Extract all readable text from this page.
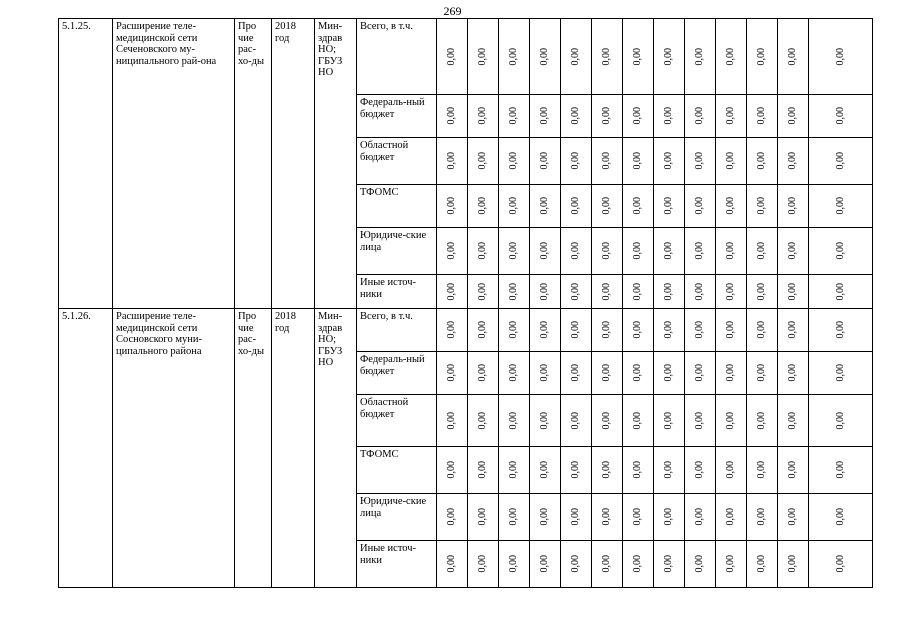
269
5.1.25.	Расширение теле-медицинской сети Сеченовского му-ниципального рай-она	Про чие рас-хо-ды	2018 год	Мин-здрав НО; ГБУЗ НО	Всего, в т.ч.	0,00	0,00	0,00	0,00	0,00	0,00	0,00	0,00	0,00	0,00	0,00	0,00	0,00
					Федераль-ный бюджет	0,00	0,00	0,00	0,00	0,00	0,00	0,00	0,00	0,00	0,00	0,00	0,00	0,00
					Областной бюджет	0,00	0,00	0,00	0,00	0,00	0,00	0,00	0,00	0,00	0,00	0,00	0,00	0,00
					ТФОМС	0,00	0,00	0,00	0,00	0,00	0,00	0,00	0,00	0,00	0,00	0,00	0,00	0,00
					Юридиче-ские лица	0,00	0,00	0,00	0,00	0,00	0,00	0,00	0,00	0,00	0,00	0,00	0,00	0,00
					Иные источ-ники	0,00	0,00	0,00	0,00	0,00	0,00	0,00	0,00	0,00	0,00	0,00	0,00	0,00
5.1.26.	Расширение теле-медицинской сети Сосновского муни-ципального района	Про чие рас-хо-ды	2018 год	Мин-здрав НО; ГБУЗ НО	Всего, в т.ч.	0,00	0,00	0,00	0,00	0,00	0,00	0,00	0,00	0,00	0,00	0,00	0,00	0,00
					Федераль-ный бюджет	0,00	0,00	0,00	0,00	0,00	0,00	0,00	0,00	0,00	0,00	0,00	0,00	0,00
					Областной бюджет	0,00	0,00	0,00	0,00	0,00	0,00	0,00	0,00	0,00	0,00	0,00	0,00	0,00
					ТФОМС	0,00	0,00	0,00	0,00	0,00	0,00	0,00	0,00	0,00	0,00	0,00	0,00	0,00
					Юридиче-ские лица	0,00	0,00	0,00	0,00	0,00	0,00	0,00	0,00	0,00	0,00	0,00	0,00	0,00
					Иные источ-ники	0,00	0,00	0,00	0,00	0,00	0,00	0,00	0,00	0,00	0,00	0,00	0,00	0,00
